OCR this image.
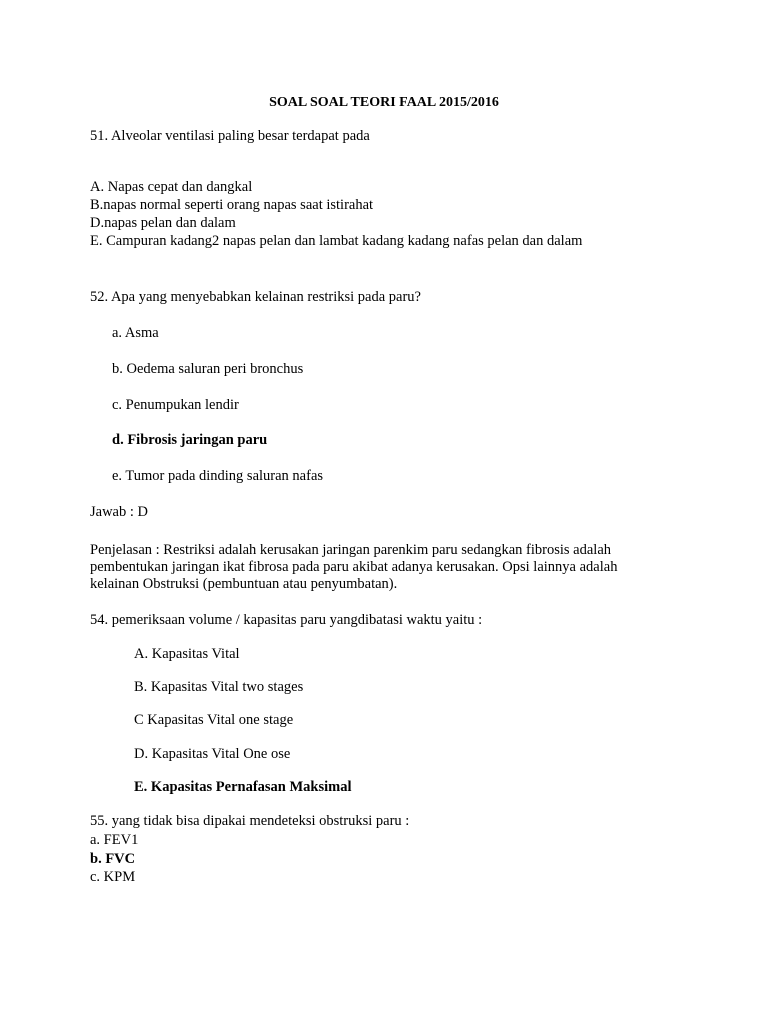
SOAL SOAL TEORI FAAL 2015/2016
51. Alveolar ventilasi paling besar terdapat pada
A. Napas cepat dan dangkal
B.napas normal seperti orang napas saat istirahat
D.napas pelan dan dalam
E. Campuran kadang2 napas pelan dan lambat kadang kadang nafas pelan dan dalam
52. Apa yang menyebabkan kelainan restriksi pada paru?
a. Asma
b. Oedema saluran peri bronchus
c. Penumpukan lendir
d. Fibrosis jaringan paru
e. Tumor pada dinding saluran nafas
Jawab : D
Penjelasan : Restriksi adalah kerusakan jaringan parenkim paru sedangkan fibrosis adalah
pembentukan jaringan ikat fibrosa pada paru akibat adanya kerusakan. Opsi lainnya adalah
kelainan Obstruksi (pembuntuan atau penyumbatan).
54. pemeriksaan volume / kapasitas paru yangdibatasi waktu yaitu :
A. Kapasitas Vital
B. Kapasitas Vital two stages
C Kapasitas Vital one stage
D. Kapasitas Vital One ose
E. Kapasitas Pernafasan Maksimal
55. yang tidak bisa dipakai mendeteksi obstruksi paru :
a. FEV1
b. FVC
c. KPM
